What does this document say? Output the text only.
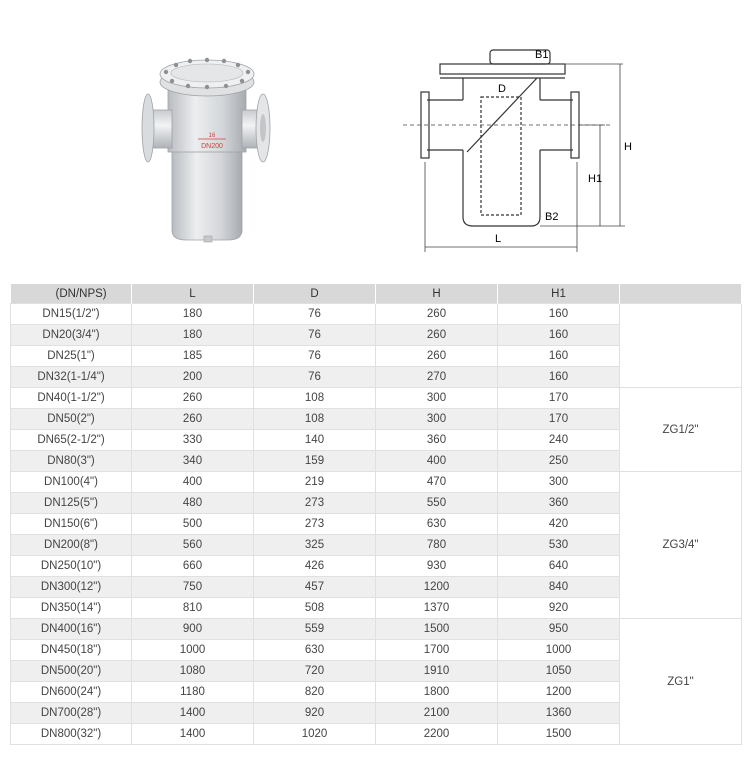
16
DN200
B1
B2
D
H
H1
L
(DN/NPS)	L	D	H	H1	
DN15(1/2")	180	76	260	160	
DN20(3/4")	180	76	260	160	
DN25(1")	185	76	260	160	
DN32(1-1/4")	200	76	270	160	
DN40(1-1/2")	260	108	300	170	ZG1/2"
DN50(2")	260	108	300	170	
DN65(2-1/2")	330	140	360	240	
DN80(3")	340	159	400	250	
DN100(4")	400	219	470	300	ZG3/4"
DN125(5")	480	273	550	360	
DN150(6")	500	273	630	420	
DN200(8")	560	325	780	530	
DN250(10")	660	426	930	640	
DN300(12")	750	457	1200	840	
DN350(14")	810	508	1370	920	
DN400(16")	900	559	1500	950	ZG1"
DN450(18")	1000	630	1700	1000	
DN500(20")	1080	720	1910	1050	
DN600(24")	1180	820	1800	1200	
DN700(28")	1400	920	2100	1360	
DN800(32")	1400	1020	2200	1500	
